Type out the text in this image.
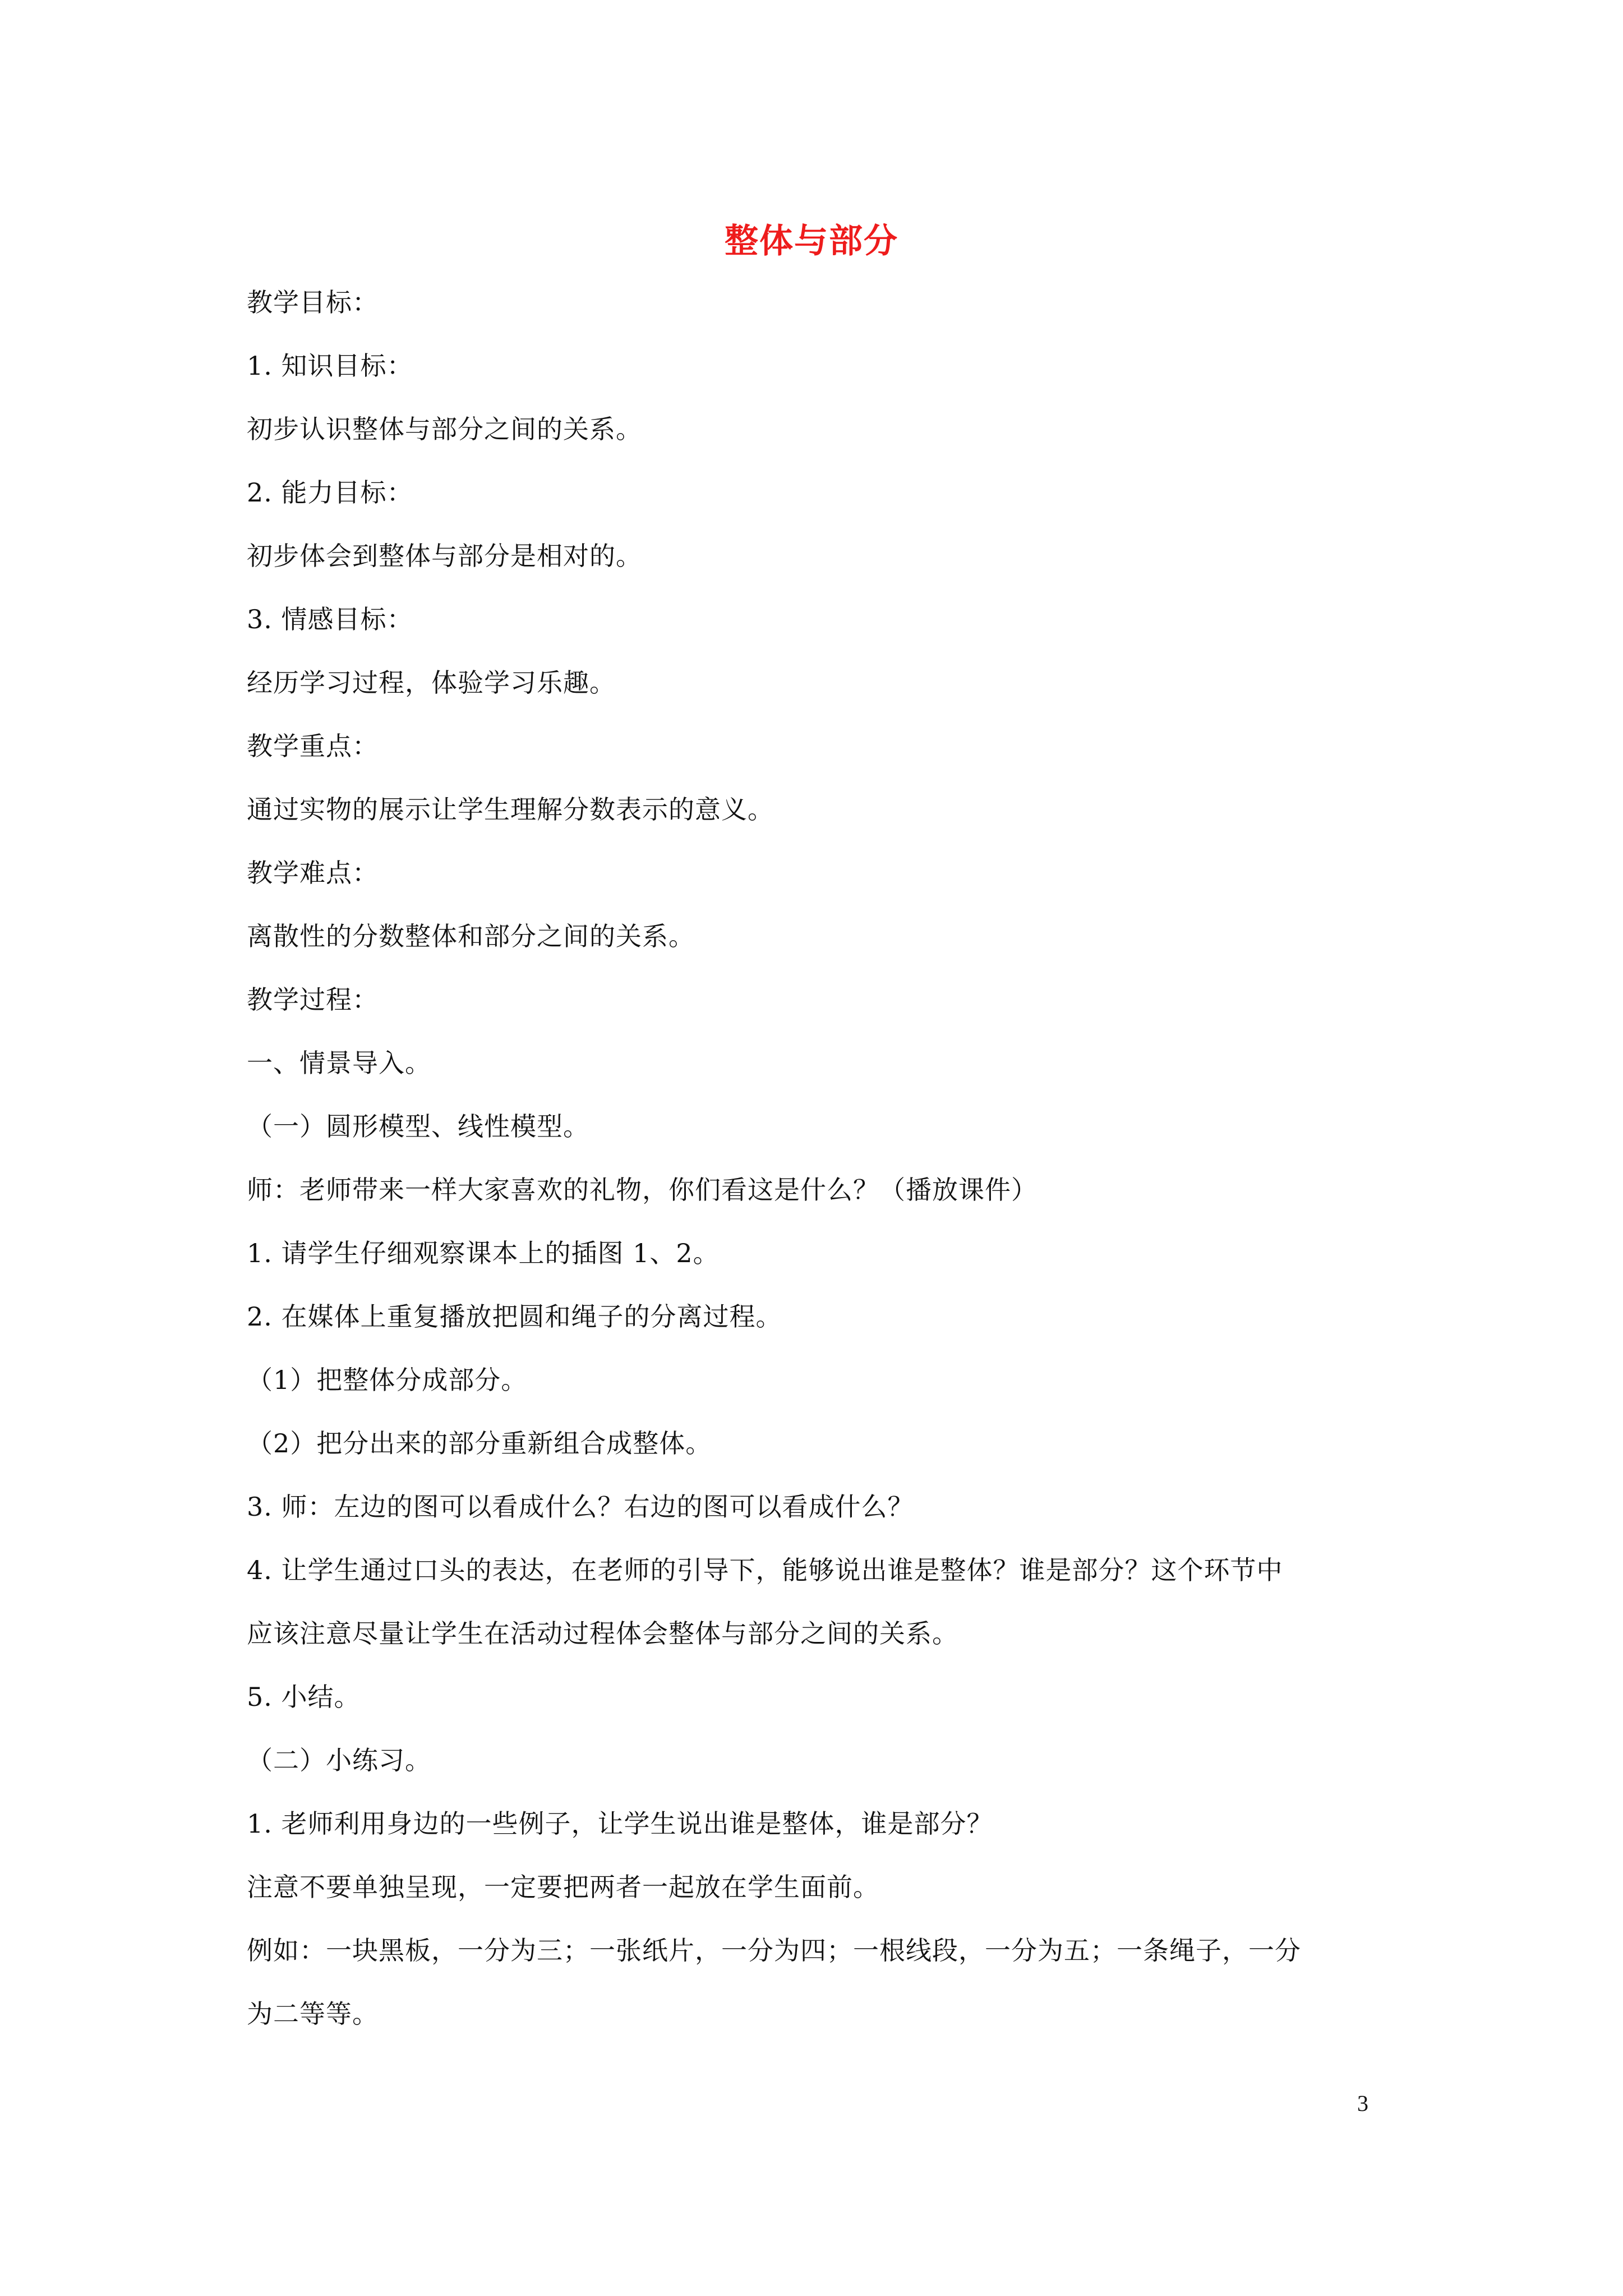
整体与部分
教学目标：
1. 知识目标：
初步认识整体与部分之间的关系。
2. 能力目标：
初步体会到整体与部分是相对的。
3. 情感目标：
经历学习过程，体验学习乐趣。
教学重点：
通过实物的展示让学生理解分数表示的意义。
教学难点：
离散性的分数整体和部分之间的关系。
教学过程：
一、情景导入。
（一）圆形模型、线性模型。
师：老师带来一样大家喜欢的礼物，你们看这是什么？（播放课件）
1. 请学生仔细观察课本上的插图 1、2。
2. 在媒体上重复播放把圆和绳子的分离过程。
（1）把整体分成部分。
（2）把分出来的部分重新组合成整体。
3. 师：左边的图可以看成什么？右边的图可以看成什么？
4. 让学生通过口头的表达，在老师的引导下，能够说出谁是整体？谁是部分？这个环节中
应该注意尽量让学生在活动过程体会整体与部分之间的关系。
5. 小结。
（二）小练习。
1. 老师利用身边的一些例子，让学生说出谁是整体，谁是部分？
注意不要单独呈现，一定要把两者一起放在学生面前。
例如：一块黑板，一分为三；一张纸片，一分为四；一根线段，一分为五；一条绳子，一分
为二等等。
3
